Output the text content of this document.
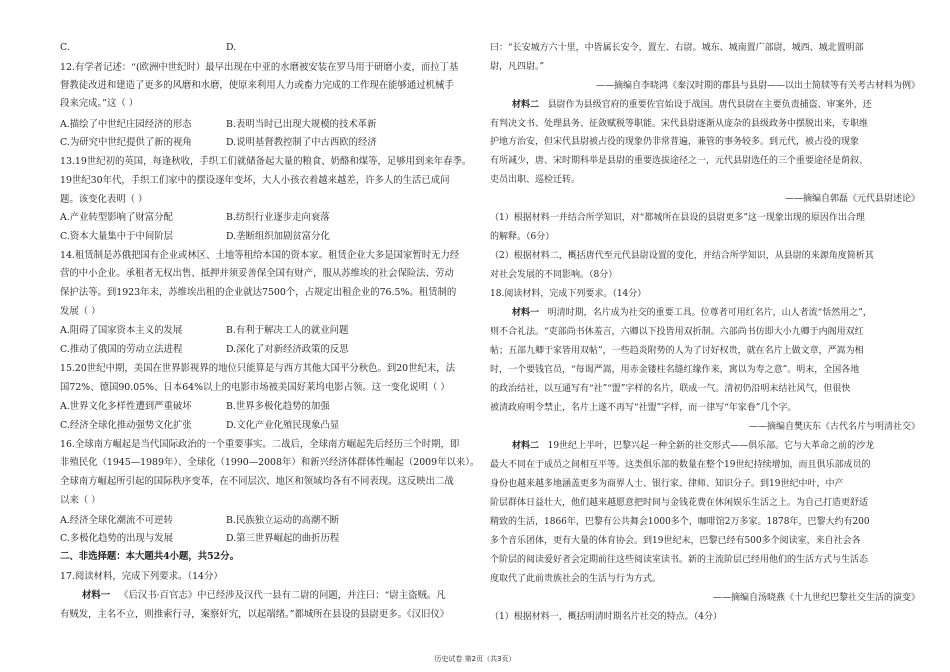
C.	D.
12.有学者记述：“(欧洲中世纪时）最早出现在中亚的水磨被安装在罗马用于研磨小麦，而拉丁基
督教徒改进和建造了更多的风磨和水磨，使原来利用人力或畜力完成的工作现在能够通过机械手
段来完成。”这（ ）
A.描绘了中世纪庄园经济的形态	B.表明当时已出现大规模的技术革新
C.为研究中世纪提供了新的视角	D.说明基督教控制了中古西欧的经济
13.19世纪初的英国，每逢秋收，手织工们就储备起大量的粮食、奶酪和煤等，足够用到来年春季。
19世纪30年代，手织工们家中的摆设逐年变坏，大人小孩衣着越来越差，许多人的生活已成问
题。该变化表明（ ）
A.产业转型影响了财富分配	B.纺织行业逐步走向衰落
C.资本大量集中于中间阶层	D.垄断组织加剧贫富分化
14.租赁制是苏俄把国有企业或林区、土地等租给本国的资本家。租赁企业大多是国家暂时无力经
营的中小企业。承租者无权出售、抵押并须妥善保全国有财产，服从苏维埃的社会保险法、劳动
保护法等。到1923年末，苏维埃出租的企业就达7500个，占规定出租企业的76.5%。租赁制的
发展（ ）
A.阻碍了国家资本主义的发展	B.有利于解决工人的就业问题
C.推动了俄国的劳动立法进程	D.深化了对新经济政策的反思
15.20世纪中期，美国在世界影视界的地位只能算是与西方其他大国平分秋色。到20世纪末，法
国72%、德国90.05%、日本64%以上的电影市场被美国好莱坞电影占领。这一变化说明（ ）
A.世界文化多样性遭到严重破坏	B.世界多极化趋势的加强
C.经济全球化推动强势文化扩张	D.文化产业化殖民现象凸显
16.全球南方崛起是当代国际政治的一个重要事实。二战后，全球南方崛起先后经历三个时期，即
非殖民化（1945—1989年）、全球化（1990—2008年）和新兴经济体群体性崛起（2009年以来）。
全球南方崛起所引起的国际秩序变革，在不同层次、地区和领域均各有不同表现。这反映出二战
以来（ ）
A.经济全球化潮流不可逆转	B.民族独立运动的高潮不断
C.多极化趋势的出现与发展	D.第三世界崛起的曲折历程
二、非选择题：本大题共4小题，共52分。
17.阅读材料，完成下列要求。（14分）
材料一 《后汉书·百官志》中已经涉及汉代一县有二尉的问题，并注曰：“尉主盗贼。凡
有贼发，主名不立，则推索行寻，案察奸宄，以起端绪。”都城所在县设的县尉更多。《汉旧仪》
曰：“长安城方六十里，中皆属长安令，置左、右尉。城东、城南置广部尉，城西、城北置明部
尉，凡四尉。”
——摘编自李晓鸿《秦汉时期的郡县与县尉——以出土简牍等有关考古材料为例》
材料二 县尉作为县级官府的重要佐官始设于战国。唐代县尉在主要负责捕盗、审案外，还
有判决文书、处理县务、征敛赋税等职能。宋代县尉逐渐从庞杂的县级政务中摆脱出来，专职维
护地方治安，但宋代县尉被占役的现象仍非常普遍，兼管的事务较多。到元代，被占役的现象
有所减少，唐、宋时期科举是县尉的重要选拔途径之一，元代县尉选任的三个重要途径是荫叙、
吏员出职、巡检迁转。
——摘编自郭磊《元代县尉述论》
（1）根据材料一并结合所学知识，对“都城所在县设的县尉更多”这一现象出现的原因作出合理
的解释。（6分）
（2）根据材料二，概括唐代至元代县尉设置的变化，并结合所学知识，从县尉的来源角度简析其
对社会发展的不同影响。（8分）
18.阅读材料，完成下列要求。（14分）
材料一 明清时期，名片成为社交的重要工具。位尊者可用红名片，山人者流“恬然用之”，
则不合礼法。“吏部尚书休羞言，六卿以下投皆用双折制。六部尚书仿即大小九卿于内阁用双红
帖；五部九卿于家皆用双帖”，一些趋炎附势的人为了讨好权贵，就在名片上做文章，严嵩为相
时，一个要钱官员，“每谒严嵩，用赤金镂柱名缝红缘作来，寓以为寿之意”。明末，全国各地
的政治结社，以互通写有“社”“盟”字样的名片，联成一气。清初仍沿明末结社风气，但很快
被清政府明令禁止，名片上遂不再写“社盟”字样，而一律写“年家眷”几个字。
——摘编自樊庆东《古代名片与明清社交》
材料二 19世纪上半叶，巴黎兴起一种全新的社交形式——俱乐部。它与大革命之前的沙龙
最大不同在于成员之间相互平等。这类俱乐部的数量在整个19世纪持续增加，而且俱乐部成员的
身份也越来越多地涵盖更多为商界人士、银行家、律师、知识分子。到19世纪中叶，中产
阶层群体日益壮大，他们越来越愿意把时间与金钱花费在休闲娱乐生活之上。为自己打造更舒适
精致的生活，1866年，巴黎有公共舞会1000多个，咖啡馆2万多家。1878年，巴黎大约有200
多个音乐团体，更有大量的体育协会。到19世纪末，巴黎已经有500多个阅读室，来自社会各
个阶层的阅读爱好者会定期前往这些阅读室读书。新的主流阶层已经用他们的生活方式与生活态
度取代了此前贵族社会的生活与行为方式。
——摘编自汤晓燕《十九世纪巴黎社交生活的演变》
（1）根据材料一，概括明清时期名片社交的特点。（4分）
历史试卷 第2页（共3页）
